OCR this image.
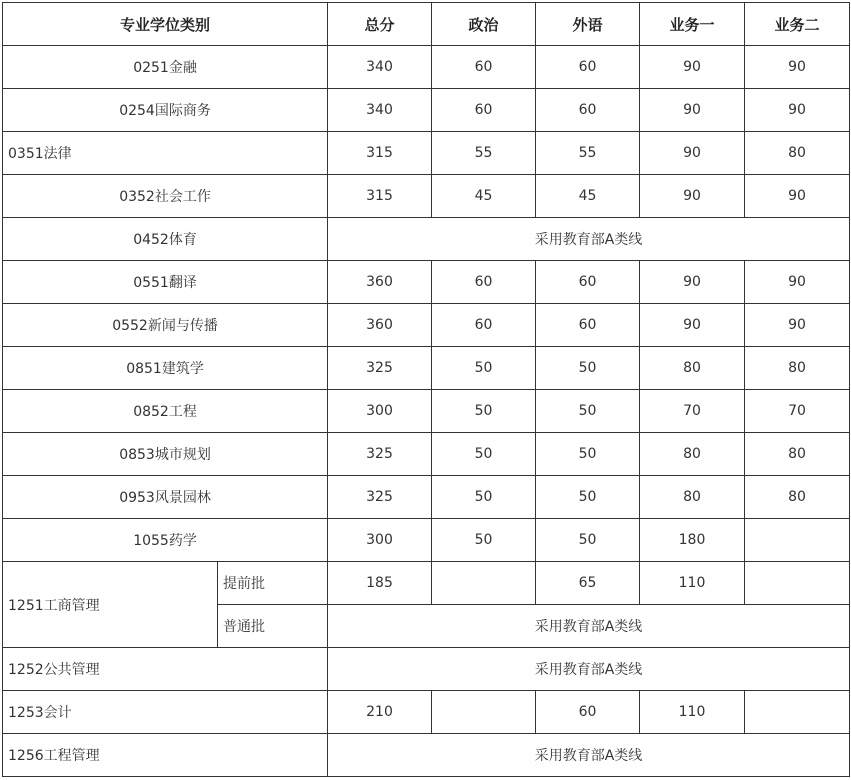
专业学位类别		总分	政治	外语	业务一	业务二
0251金融		340	60	60	90	90
0254国际商务		340	60	60	90	90
0351法律		315	55	55	90	80
0352社会工作		315	45	45	90	90
0452体育		采用教育部A类线				
0551翻译		360	60	60	90	90
0552新闻与传播		360	60	60	90	90
0851建筑学		325	50	50	80	80
0852工程		300	50	50	70	70
0853城市规划		325	50	50	80	80
0953风景园林		325	50	50	80	80
1055药学		300	50	50	180	
1251工商管理	提前批	185		65	110	
	普通批	采用教育部A类线				
1252公共管理		采用教育部A类线				
1253会计		210		60	110	
1256工程管理		采用教育部A类线				
